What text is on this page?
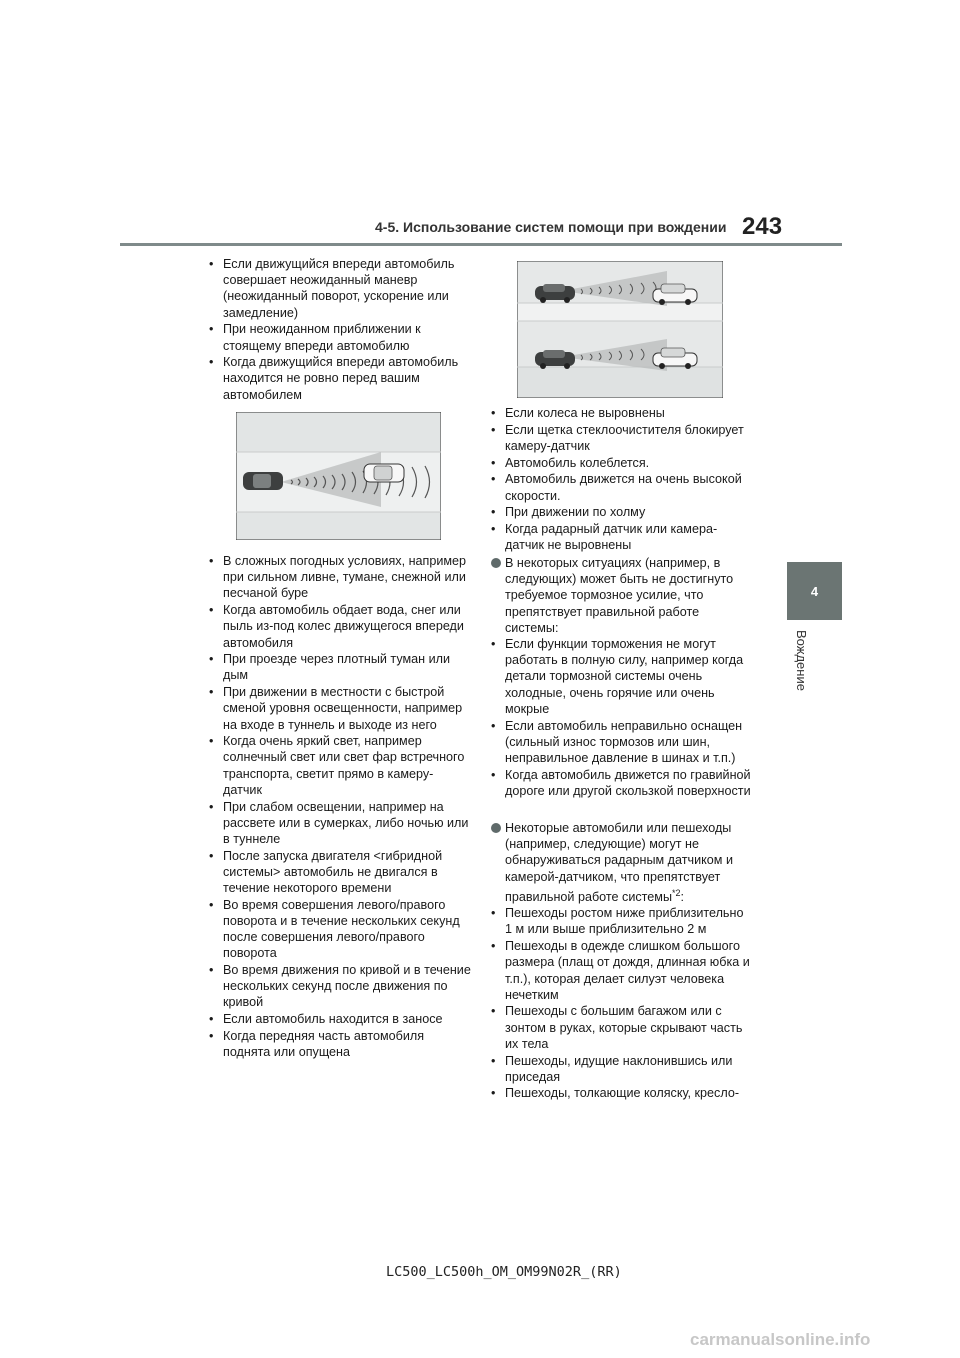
4-5. Использование систем помощи при вождении 243
4
Вождение
• Если движущийся впереди автомобиль совершает неожиданный маневр (неожиданный поворот, ускорение или замедление)
• При неожиданном приближении к стоящему впереди автомобилю
• Когда движущийся впереди автомобиль находится не ровно перед вашим автомобилем
• В сложных погодных условиях, например при сильном ливне, тумане, снежной или песчаной буре
• Когда автомобиль обдает вода, снег или пыль из-под колес движущегося впереди автомобиля
• При проезде через плотный туман или дым
• При движении в местности с быстрой сменой уровня освещенности, например на входе в туннель и выходе из него
• Когда очень яркий свет, например солнечный свет или свет фар встречного транспорта, светит прямо в камеру-датчик
• При слабом освещении, например на рассвете или в сумерках, либо ночью или в туннеле
• После запуска двигателя <гибридной системы> автомобиль не двигался в течение некоторого времени
• Во время совершения левого/правого поворота и в течение нескольких секунд после совершения левого/правого поворота
• Во время движения по кривой и в течение нескольких секунд после движения по кривой
• Если автомобиль находится в заносе
• Когда передняя часть автомобиля поднята или опущена
• Если колеса не выровнены
• Если щетка стеклоочистителя блокирует камеру-датчик
• Автомобиль колеблется.
• Автомобиль движется на очень высокой скорости.
• При движении по холму
• Когда радарный датчик или камера-датчик не выровнены
В некоторых ситуациях (например, в следующих) может быть не достигнуто требуемое тормозное усилие, что препятствует правильной работе системы:
• Если функции торможения не могут работать в полную силу, например когда детали тормозной системы очень холодные, очень горячие или очень мокрые
• Если автомобиль неправильно оснащен (сильный износ тормозов или шин, неправильное давление в шинах и т.п.)
• Когда автомобиль движется по гравийной дороге или другой скользкой поверхности
Некоторые автомобили или пешеходы (например, следующие) могут не обнаруживаться радарным датчиком и камерой-датчиком, что препятствует правильной работе системы$^{*2}$:
• Пешеходы ростом ниже приблизительно 1 м или выше приблизительно 2 м
• Пешеходы в одежде слишком большого размера (плащ от дождя, длинная юбка и т.п.), которая делает силуэт человека нечетким
• Пешеходы с большим багажом или с зонтом в руках, которые скрывают часть их тела
• Пешеходы, идущие наклонившись или приседая
• Пешеходы, толкающие коляску, кресло-
LC500_LC500h_OM_OM99N02R_(RR)
carmanualsonline.info
